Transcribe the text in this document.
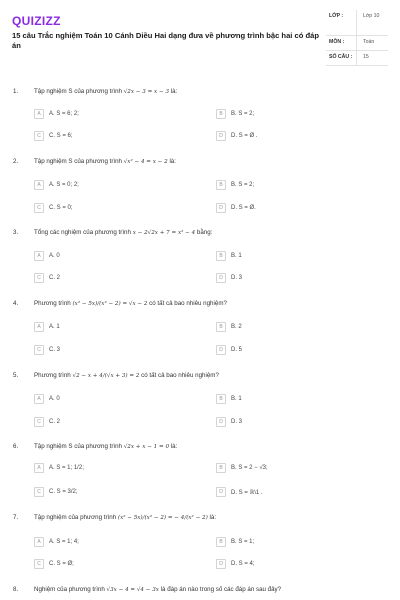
QUIZIZZ
15 câu Trắc nghiệm Toán 10 Cánh Diều Hai dạng đưa về phương trình bậc hai có đáp án
LỚP :	Lớp 10
MÔN :	Toán
SỐ CÂU :	15
1.	Tập nghiệm S của phương trình √2x − 3 = x − 3 là:
A	A. S = 6; 2;	B	B. S = 2;
C	C. S = 6;	D	D. S = Ø .
2.	Tập nghiệm S của phương trình √x² − 4 = x − 2 là:
A	A. S = 0; 2;	B	B. S = 2;
C	C. S = 0;	D	D. S = Ø.
3.	Tổng các nghiệm của phương trình x − 2√2x + 7 = x² − 4 bằng:
A	A. 0	B	B. 1
C	C. 2	D	D. 3
4.	Phương trình (x² − 5x)/(x² − 2) = √x − 2 có tất cả bao nhiêu nghiệm?
A	A. 1	B	B. 2
C	C. 3	D	D. 5
5.	Phương trình √2 − x + 4/(√x + 3) = 2 có tất cả bao nhiêu nghiệm?
A	A. 0	B	B. 1
C	C. 2	D	D. 3
6.	Tập nghiệm S của phương trình √2x + x − 1 = 0 là:
A	A. S = 1; 1/2;	B	B. S = 2 − √3;
C	C. S = 3/2;	D	D. S = ℝ\1 .
7.	Tập nghiệm của phương trình (x² − 5x)/(x² − 2) = − 4/(x² − 2) là:
A	A. S = 1; 4;	B	B. S = 1;
C	C. S = Ø;	D	D. S = 4;
8.	Nghiệm của phương trình √3x − 4 = √4 − 3x là đáp án nào trong số các đáp án sau đây?
